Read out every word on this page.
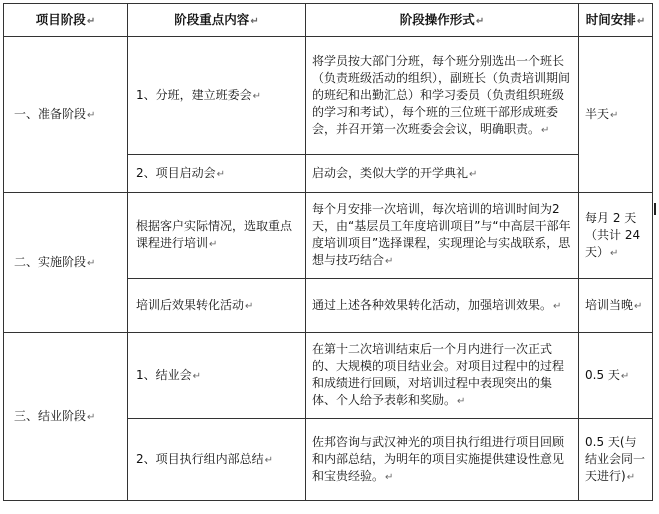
项目阶段↵	阶段重点内容↵	阶段操作形式↵	时间安排↵
一、准备阶段↵	1、分班，建立班委会↵	将学员按大部门分班，每个班分别选出一个班长（负责班级活动的组织），副班长（负责培训期间的班纪和出勤汇总）和学习委员（负责组织班级的学习和考试），每个班的三位班干部形成班委会，并召开第一次班委会会议，明确职责。↵	半天↵
	2、项目启动会↵	启动会，类似大学的开学典礼↵	
二、实施阶段↵	根据客户实际情况，选取重点课程进行培训↵	每个月安排一次培训，每次培训的培训时间为2天，由“基层员工年度培训项目”与“中高层干部年度培训项目”选择课程，实现理论与实战联系，思想与技巧结合↵	每月 2 天（共计 24 天）↵
	培训后效果转化活动↵	通过上述各种效果转化活动，加强培训效果。↵	培训当晚↵
三、结业阶段↵	1、结业会↵	在第十二次培训结束后一个月内进行一次正式的、大规模的项目结业会。对项目过程中的过程和成绩进行回顾，对培训过程中表现突出的集体、个人给予表彰和奖励。↵	0.5 天↵
	2、项目执行组内部总结↵	佐邦咨询与武汉神光的项目执行组进行项目回顾和内部总结，为明年的项目实施提供建设性意见和宝贵经验。↵	0.5 天(与结业会同一天进行)↵
